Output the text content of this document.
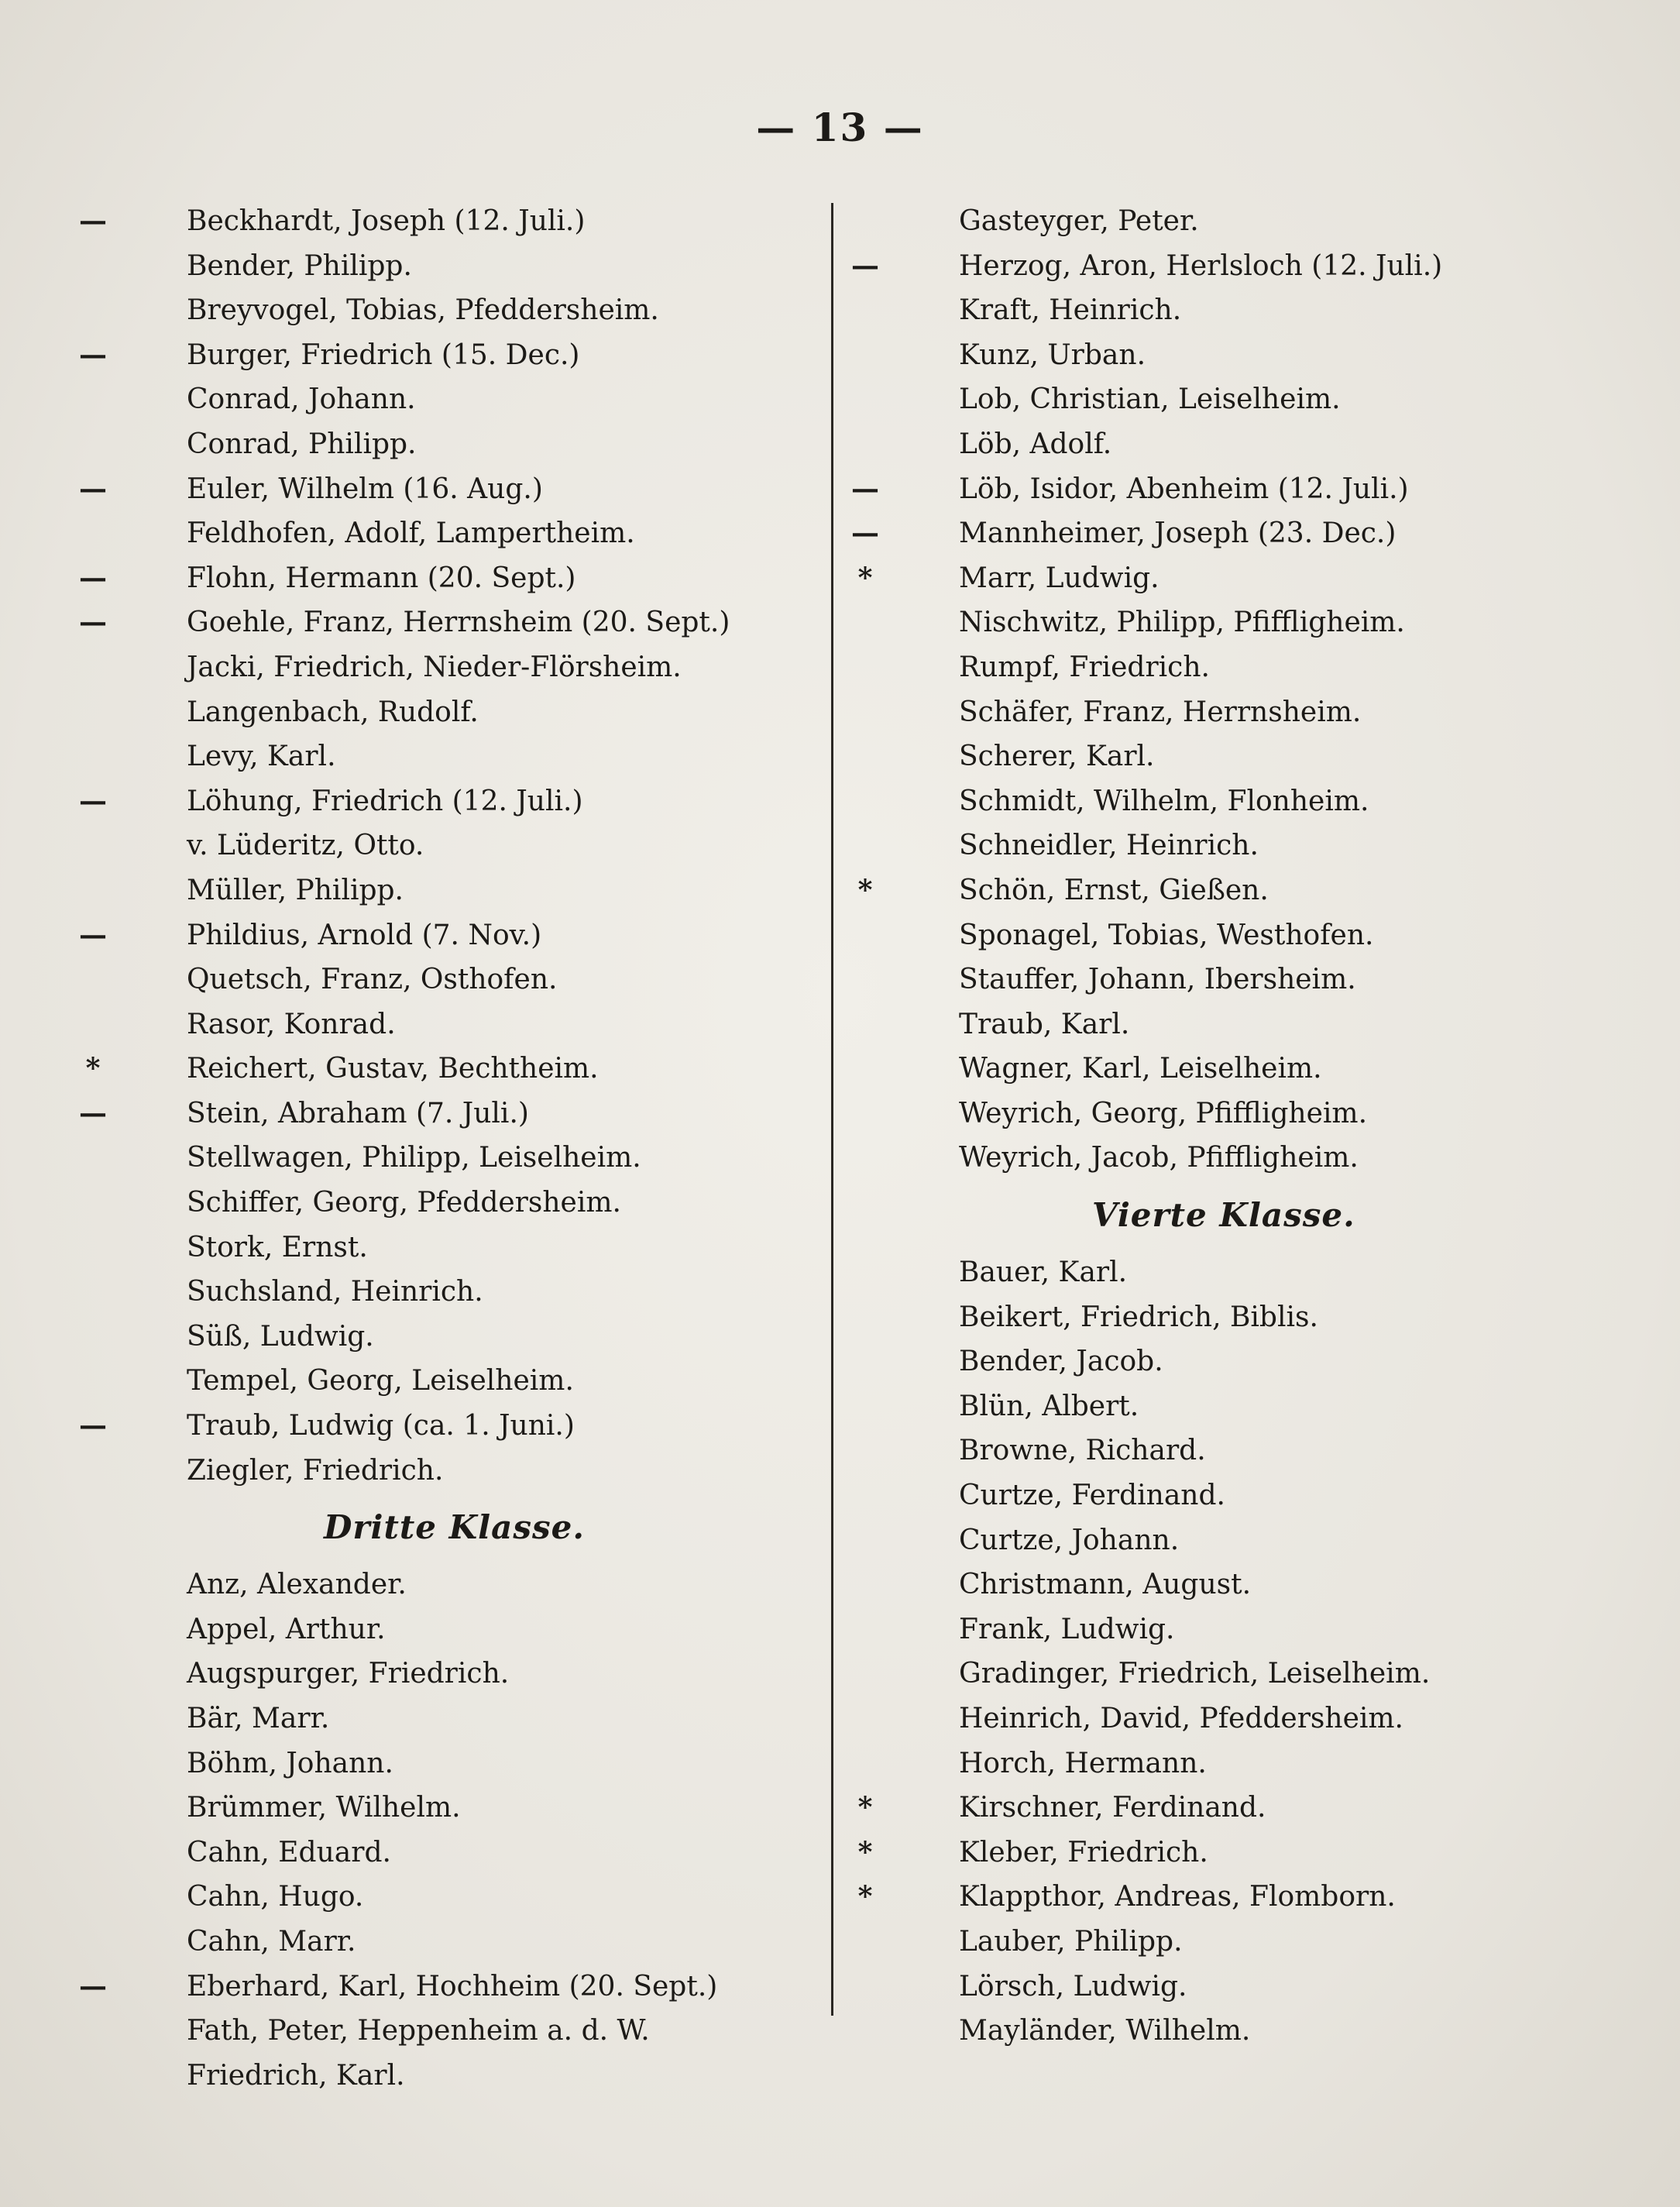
— 13 —
—	Beckhardt, Joseph (12. Juli.)
Bender, Philipp.
Breyvogel, Tobias, Pfeddersheim.
—	Burger, Friedrich (15. Dec.)
Conrad, Johann.
Conrad, Philipp.
—	Euler, Wilhelm (16. Aug.)
Feldhofen, Adolf, Lampertheim.
—	Flohn, Hermann (20. Sept.)
—	Goehle, Franz, Herrnsheim (20. Sept.)
Jacki, Friedrich, Nieder-Flörsheim.
Langenbach, Rudolf.
Levy, Karl.
—	Löhung, Friedrich (12. Juli.)
v. Lüderitz, Otto.
Müller, Philipp.
—	Phildius, Arnold (7. Nov.)
Quetsch, Franz, Osthofen.
Rasor, Konrad.
*	Reichert, Gustav, Bechtheim.
—	Stein, Abraham (7. Juli.)
Stellwagen, Philipp, Leiselheim.
Schiffer, Georg, Pfeddersheim.
Stork, Ernst.
Suchsland, Heinrich.
Süß, Ludwig.
Tempel, Georg, Leiselheim.
—	Traub, Ludwig (ca. 1. Juni.)
Ziegler, Friedrich.
Dritte Klasse.
Anz, Alexander.
Appel, Arthur.
Augspurger, Friedrich.
Bär, Marr.
Böhm, Johann.
Brümmer, Wilhelm.
Cahn, Eduard.
Cahn, Hugo.
Cahn, Marr.
—	Eberhard, Karl, Hochheim (20. Sept.)
Fath, Peter, Heppenheim a. d. W.
Friedrich, Karl.
Gasteyger, Peter.
—	Herzog, Aron, Herlsloch (12. Juli.)
Kraft, Heinrich.
Kunz, Urban.
Lob, Christian, Leiselheim.
Löb, Adolf.
—	Löb, Isidor, Abenheim (12. Juli.)
—	Mannheimer, Joseph (23. Dec.)
*	Marr, Ludwig.
Nischwitz, Philipp, Pfiffligheim.
Rumpf, Friedrich.
Schäfer, Franz, Herrnsheim.
Scherer, Karl.
Schmidt, Wilhelm, Flonheim.
Schneidler, Heinrich.
*	Schön, Ernst, Gießen.
Sponagel, Tobias, Westhofen.
Stauffer, Johann, Ibersheim.
Traub, Karl.
Wagner, Karl, Leiselheim.
Weyrich, Georg, Pfiffligheim.
Weyrich, Jacob, Pfiffligheim.
Vierte Klasse.
Bauer, Karl.
Beikert, Friedrich, Biblis.
Bender, Jacob.
Blün, Albert.
Browne, Richard.
Curtze, Ferdinand.
Curtze, Johann.
Christmann, August.
Frank, Ludwig.
Gradinger, Friedrich, Leiselheim.
Heinrich, David, Pfeddersheim.
Horch, Hermann.
*	Kirschner, Ferdinand.
*	Kleber, Friedrich.
*	Klappthor, Andreas, Flomborn.
Lauber, Philipp.
Lörsch, Ludwig.
Mayländer, Wilhelm.
